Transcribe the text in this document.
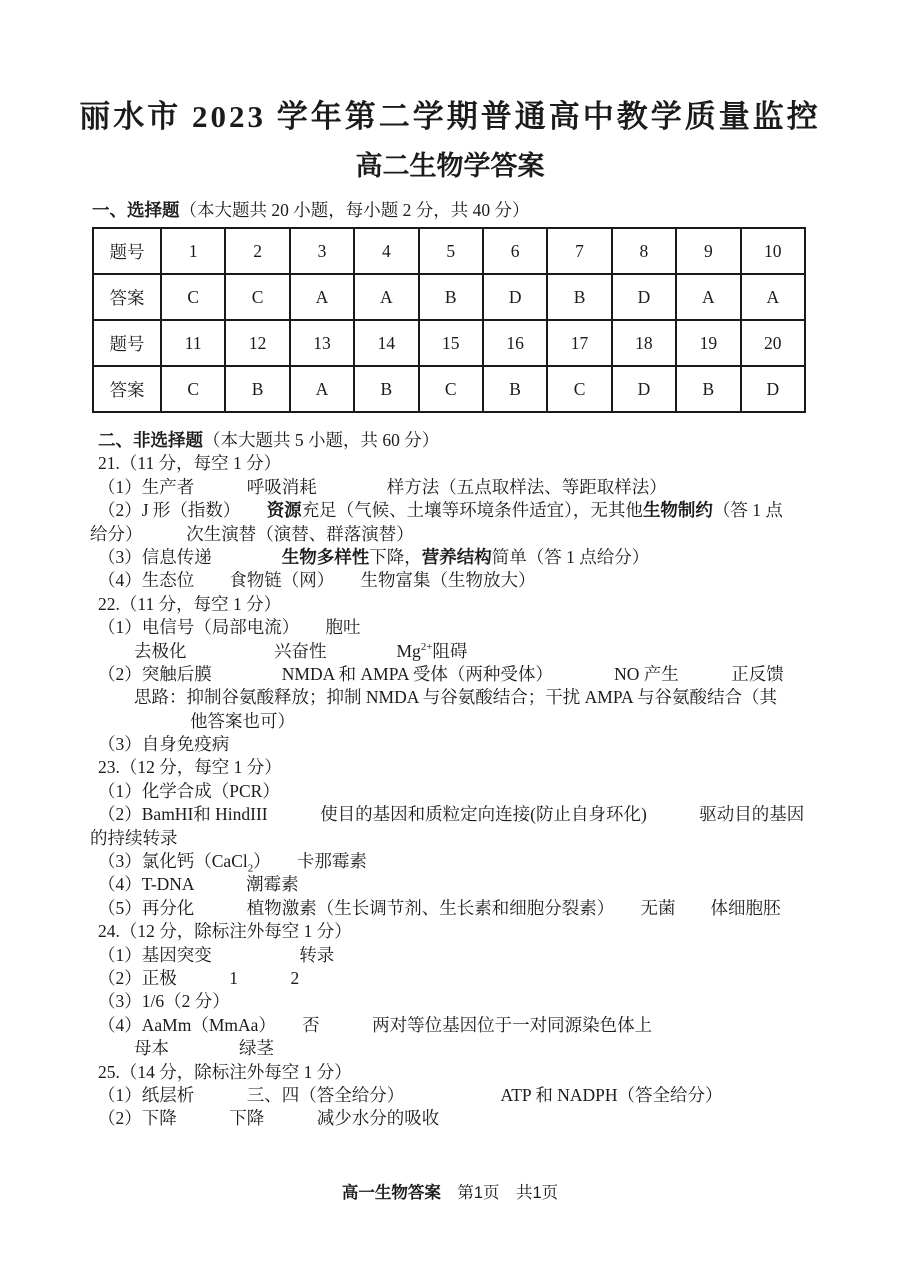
丽水市 2023 学年第二学期普通高中教学质量监控
高二生物学答案
一、选择题（本大题共 20 小题，每小题 2 分，共 40 分）
题号	1	2	3	4	5	6	7	8	9	10
答案	C	C	A	A	B	D	B	D	A	A
题号	11	12	13	14	15	16	17	18	19	20
答案	C	B	A	B	C	B	C	D	B	D
二、非选择题（本大题共 5 小题，共 60 分）
21.（11 分，每空 1 分）
（1）生产者　　　呼吸消耗　　　　样方法（五点取样法、等距取样法）
（2）J 形（指数）　　资源充足（气候、土壤等环境条件适宜），无其他生物制约（答 1 点
给分）　　　次生演替（演替、群落演替）
（3）信息传递　　　　生物多样性下降，营养结构简单（答 1 点给分）
（4）生态位　　食物链（网）　　生物富集（生物放大）
22.（11 分，每空 1 分）
（1）电信号（局部电流）　　胞吐
去极化　　　　　兴奋性　　　　$Mg^{2+}$阻碍
（2）突触后膜　　　　NMDA 和 AMPA 受体（两种受体）　　　　NO 产生　　　正反馈
思路：抑制谷氨酸释放；抑制 NMDA 与谷氨酸结合；干扰 AMPA 与谷氨酸结合（其
他答案也可）
（3）自身免疫病
23.（12 分，每空 1 分）
（1）化学合成（PCR）
（2）BamHI和 HindIII　　　使目的基因和质粒定向连接(防止自身环化)　　　驱动目的基因
的持续转录
（3）氯化钙（CaCl$_2$）　　卡那霉素
（4）T-DNA　　　潮霉素
（5）再分化　　　植物激素（生长调节剂、生长素和细胞分裂素）　　无菌　　体细胞胚
24.（12 分，除标注外每空 1 分）
（1）基因突变　　　　　转录
（2）正极　　　1　　　2
（3）1/6（2 分）
（4）AaMm（MmAa）　　否　　　两对等位基因位于一对同源染色体上
母本　　　　绿茎
25.（14 分，除标注外每空 1 分）
（1）纸层析　　　三、四（答全给分）　　　　　　ATP 和 NADPH（答全给分）
（2）下降　　　下降　　　减少水分的吸收
高一生物答案　第1页　共1页
